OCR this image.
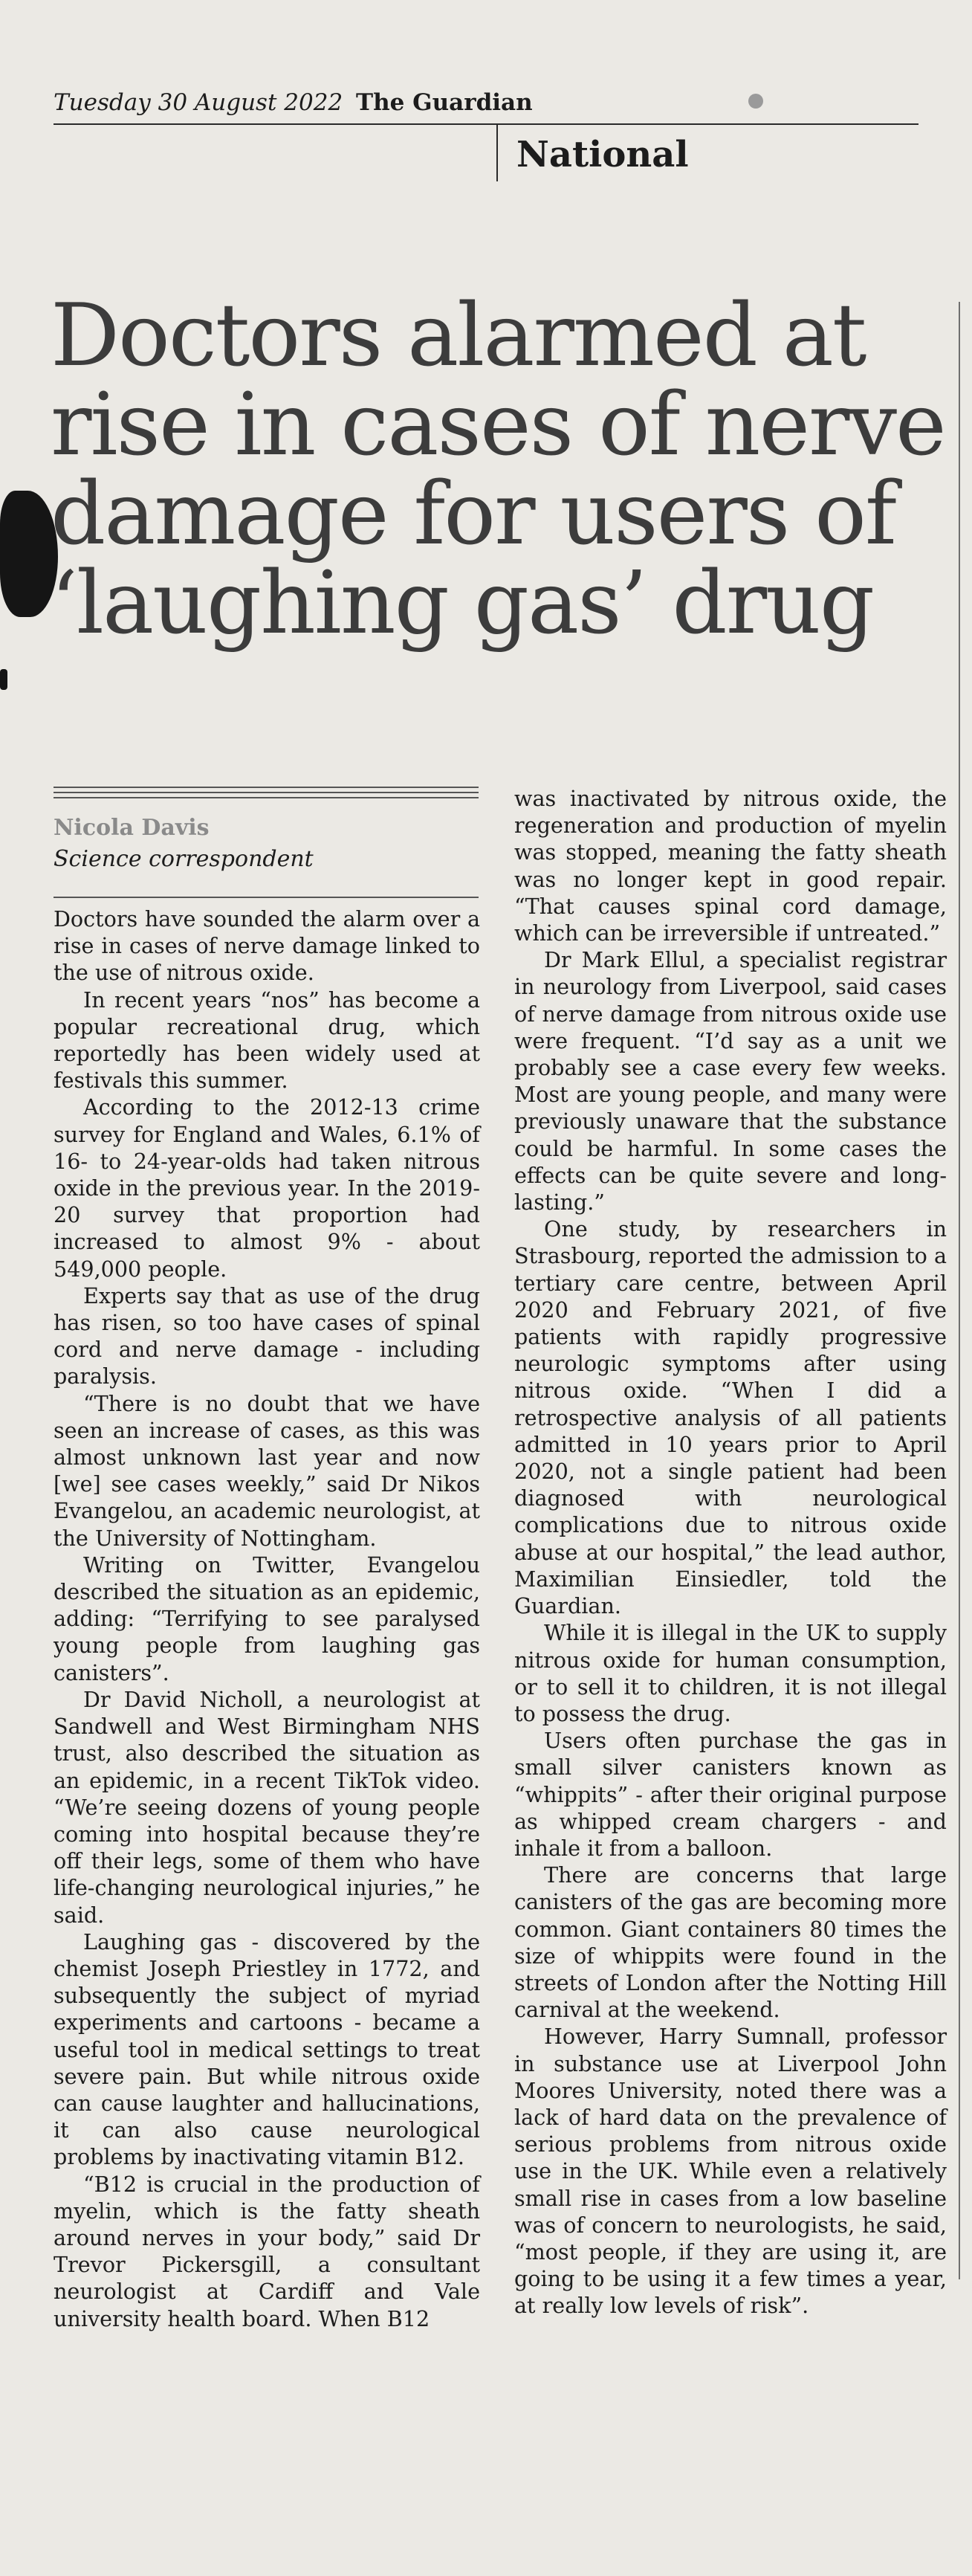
Tuesday 30 August 2022 The Guardian
National
Doctors alarmed at
rise in cases of nerve
damage for users of
‘laughing gas’ drug
Nicola Davis
Science correspondent

Doctors have sounded the alarm over a rise in cases of nerve damage linked to the use of nitrous oxide.

In recent years “nos” has become a popular recreational drug, which reportedly has been widely used at festivals this summer.

According to the 2012-13 crime survey for England and Wales, 6.1% of 16- to 24-year-olds had taken nitrous oxide in the previous year. In the 2019-20 survey that proportion had increased to almost 9% - about 549,000 people.

Experts say that as use of the drug has risen, so too have cases of spinal cord and nerve damage - including paralysis.

“There is no doubt that we have seen an increase of cases, as this was almost unknown last year and now [we] see cases weekly,” said Dr Nikos Evangelou, an academic neurologist, at the University of Nottingham.

Writing on Twitter, Evangelou described the situation as an epidemic, adding: “Terrifying to see paralysed young people from laughing gas canisters”.

Dr David Nicholl, a neurologist at Sandwell and West Birmingham NHS trust, also described the situation as an epidemic, in a recent TikTok video. “We’re seeing dozens of young people coming into hospital because they’re off their legs, some of them who have life-changing neurological injuries,” he said.

Laughing gas - discovered by the chemist Joseph Priestley in 1772, and subsequently the subject of myriad experiments and cartoons - became a useful tool in medical settings to treat severe pain. But while nitrous oxide can cause laughter and hallucinations, it can also cause neurological problems by inactivating vitamin B12.

“B12 is crucial in the production of myelin, which is the fatty sheath around nerves in your body,” said Dr Trevor Pickersgill, a consultant neurologist at Cardiff and Vale university health board. When B12

was inactivated by nitrous oxide, the regeneration and production of myelin was stopped, meaning the fatty sheath was no longer kept in good repair. “That causes spinal cord damage, which can be irreversible if untreated.”

Dr Mark Ellul, a specialist registrar in neurology from Liverpool, said cases of nerve damage from nitrous oxide use were frequent. “I’d say as a unit we probably see a case every few weeks. Most are young people, and many were previously unaware that the substance could be harmful. In some cases the effects can be quite severe and long-lasting.”

One study, by researchers in Strasbourg, reported the admission to a tertiary care centre, between April 2020 and February 2021, of five patients with rapidly progressive neurologic symptoms after using nitrous oxide. “When I did a retrospective analysis of all patients admitted in 10 years prior to April 2020, not a single patient had been diagnosed with neurological complications due to nitrous oxide abuse at our hospital,” the lead author, Maximilian Einsiedler, told the Guardian.

While it is illegal in the UK to supply nitrous oxide for human consumption, or to sell it to children, it is not illegal to possess the drug.

Users often purchase the gas in small silver canisters known as “whippits” - after their original purpose as whipped cream chargers - and inhale it from a balloon.

There are concerns that large canisters of the gas are becoming more common. Giant containers 80 times the size of whippits were found in the streets of London after the Notting Hill carnival at the weekend.

However, Harry Sumnall, professor in substance use at Liverpool John Moores University, noted there was a lack of hard data on the prevalence of serious problems from nitrous oxide use in the UK. While even a relatively small rise in cases from a low baseline was of concern to neurologists, he said, “most people, if they are using it, are going to be using it a few times a year, at really low levels of risk”.
